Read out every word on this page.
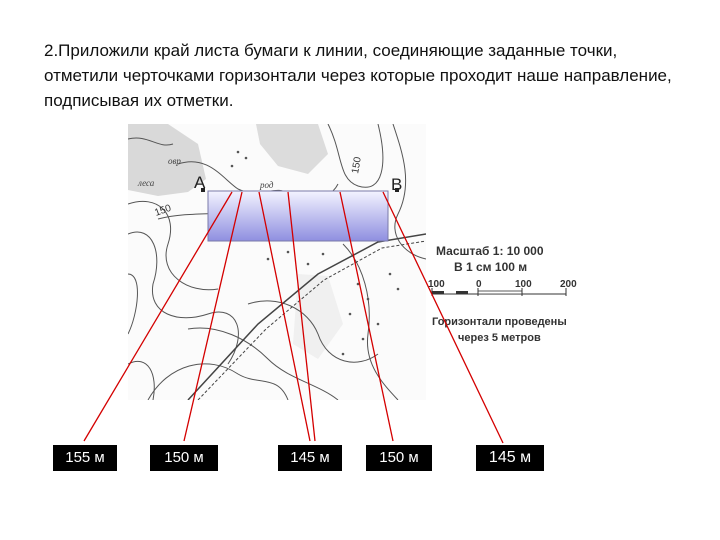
2.Приложили край листа бумаги к линии, соединяющие заданные точки, отметили черточками горизонтали через которые проходит наше направление, подписывая их отметки.
A	B
150
150
овр
леса	род
Масштаб 1: 10 000
В 1 см 100 м
100	0	100	200
Горизонтали проведены
через 5 метров
155 м	150 м	145 м	150 м	145 м
